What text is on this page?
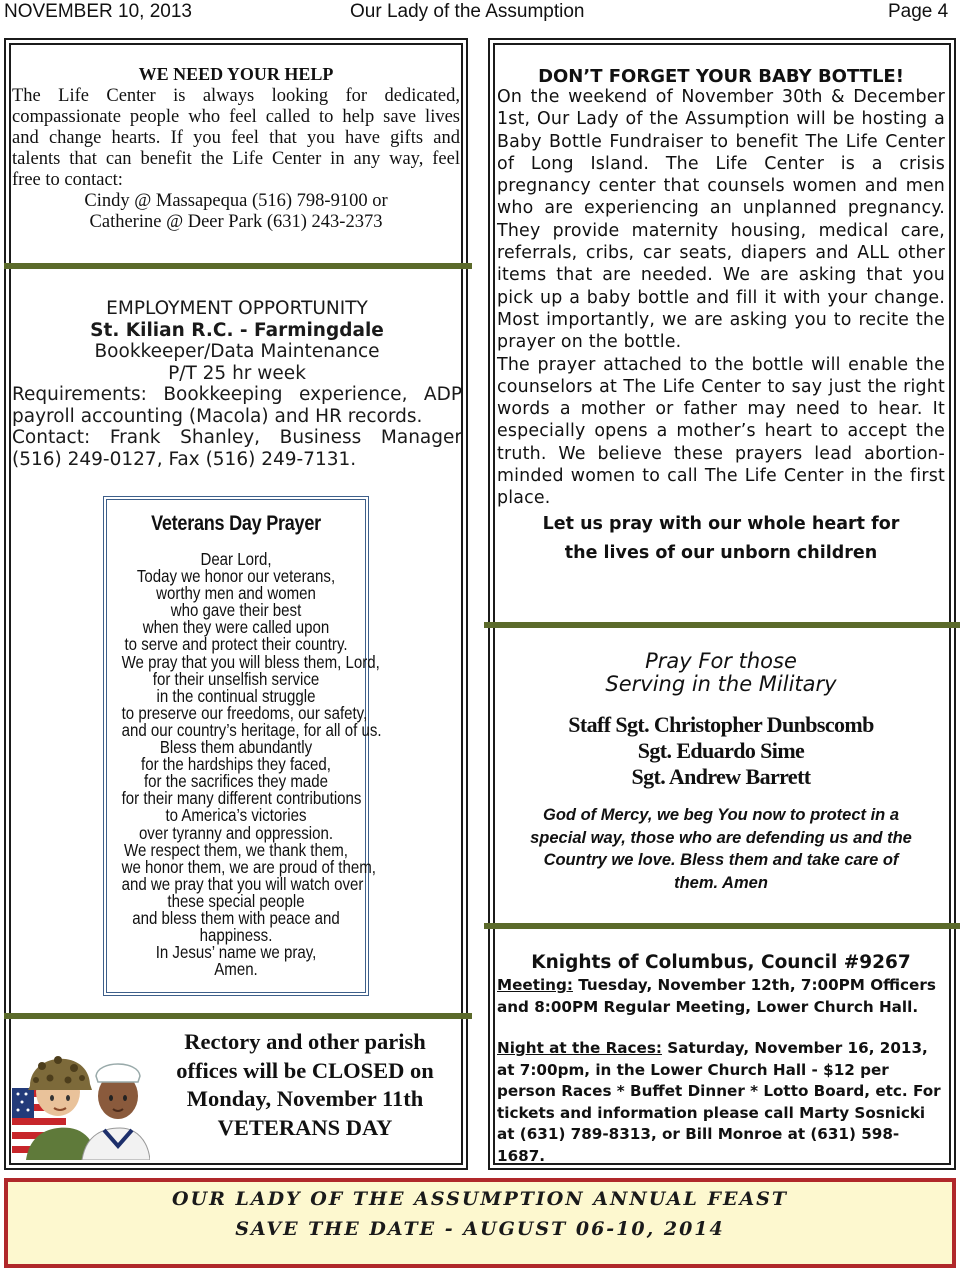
NOVEMBER 10, 2013	Our Lady of the Assumption	Page 4
WE NEED YOUR HELP
The Life Center is always looking for dedicated,
compassionate people who feel called to help save lives
and change hearts. If you feel that you have gifts and
talents that can benefit the Life Center in any way, feel
free to contact:
Cindy @ Massapequa (516) 798-9100 or
Catherine @ Deer Park (631) 243-2373
EMPLOYMENT OPPORTUNITY
St. Kilian R.C. - Farmingdale
Bookkeeper/Data Maintenance
P/T 25 hr week
Requirements: Bookkeeping experience, ADP
payroll accounting (Macola) and HR records.
Contact: Frank Shanley, Business Manager
(516) 249-0127, Fax (516) 249-7131.
Veterans Day Prayer
Dear Lord,
Today we honor our veterans,
worthy men and women
who gave their best
when they were called upon
to serve and protect their country.
We pray that you will bless them, Lord,
for their unselfish service
in the continual struggle
to preserve our freedoms, our safety,
and our country’s heritage, for all of us.
Bless them abundantly
for the hardships they faced,
for the sacrifices they made
for their many different contributions
to America’s victories
over tyranny and oppression.
We respect them, we thank them,
we honor them, we are proud of them,
and we pray that you will watch over
these special people
and bless them with peace and
happiness.
In Jesus’ name we pray,
Amen.
Rectory and other parish
offices will be CLOSED on
Monday, November 11th
VETERANS DAY
DON’T FORGET YOUR BABY BOTTLE!
On the weekend of November 30th & December 1st, Our Lady of the Assumption will be hosting a Baby Bottle Fundraiser to benefit The Life Center of Long Island. The Life Center is a crisis pregnancy center that counsels women and men who are experiencing an unplanned pregnancy. They provide maternity housing, medical care, referrals, cribs, car seats, diapers and ALL other items that are needed. We are asking that you pick up a baby bottle and fill it with your change. Most importantly, we are asking you to recite the prayer on the bottle.
The prayer attached to the bottle will enable the counselors at The Life Center to say just the right words a mother or father may need to hear. It especially opens a mother’s heart to accept the truth. We believe these prayers lead abortion-minded women to call The Life Center in the first place.
Let us pray with our whole heart for
the lives of our unborn children
Pray For those
Serving in the Military
Staff Sgt. Christopher Dunbscomb
Sgt. Eduardo Sime
Sgt. Andrew Barrett
God of Mercy, we beg You now to protect in a
special way, those who are defending us and the
Country we love. Bless them and take care of
them. Amen
Knights of Columbus, Council #9267
Meeting: Tuesday, November 12th, 7:00PM Officers and 8:00PM Regular Meeting, Lower Church Hall.
Night at the Races: Saturday, November 16, 2013, at 7:00pm, in the Lower Church Hall - $12 per person Races * Buffet Dinner * Lotto Board, etc. For tickets and information please call Marty Sosnicki at (631) 789-8313, or Bill Monroe at (631) 598-1687.
OUR LADY OF THE ASSUMPTION ANNUAL FEAST
SAVE THE DATE - AUGUST 06-10, 2014
